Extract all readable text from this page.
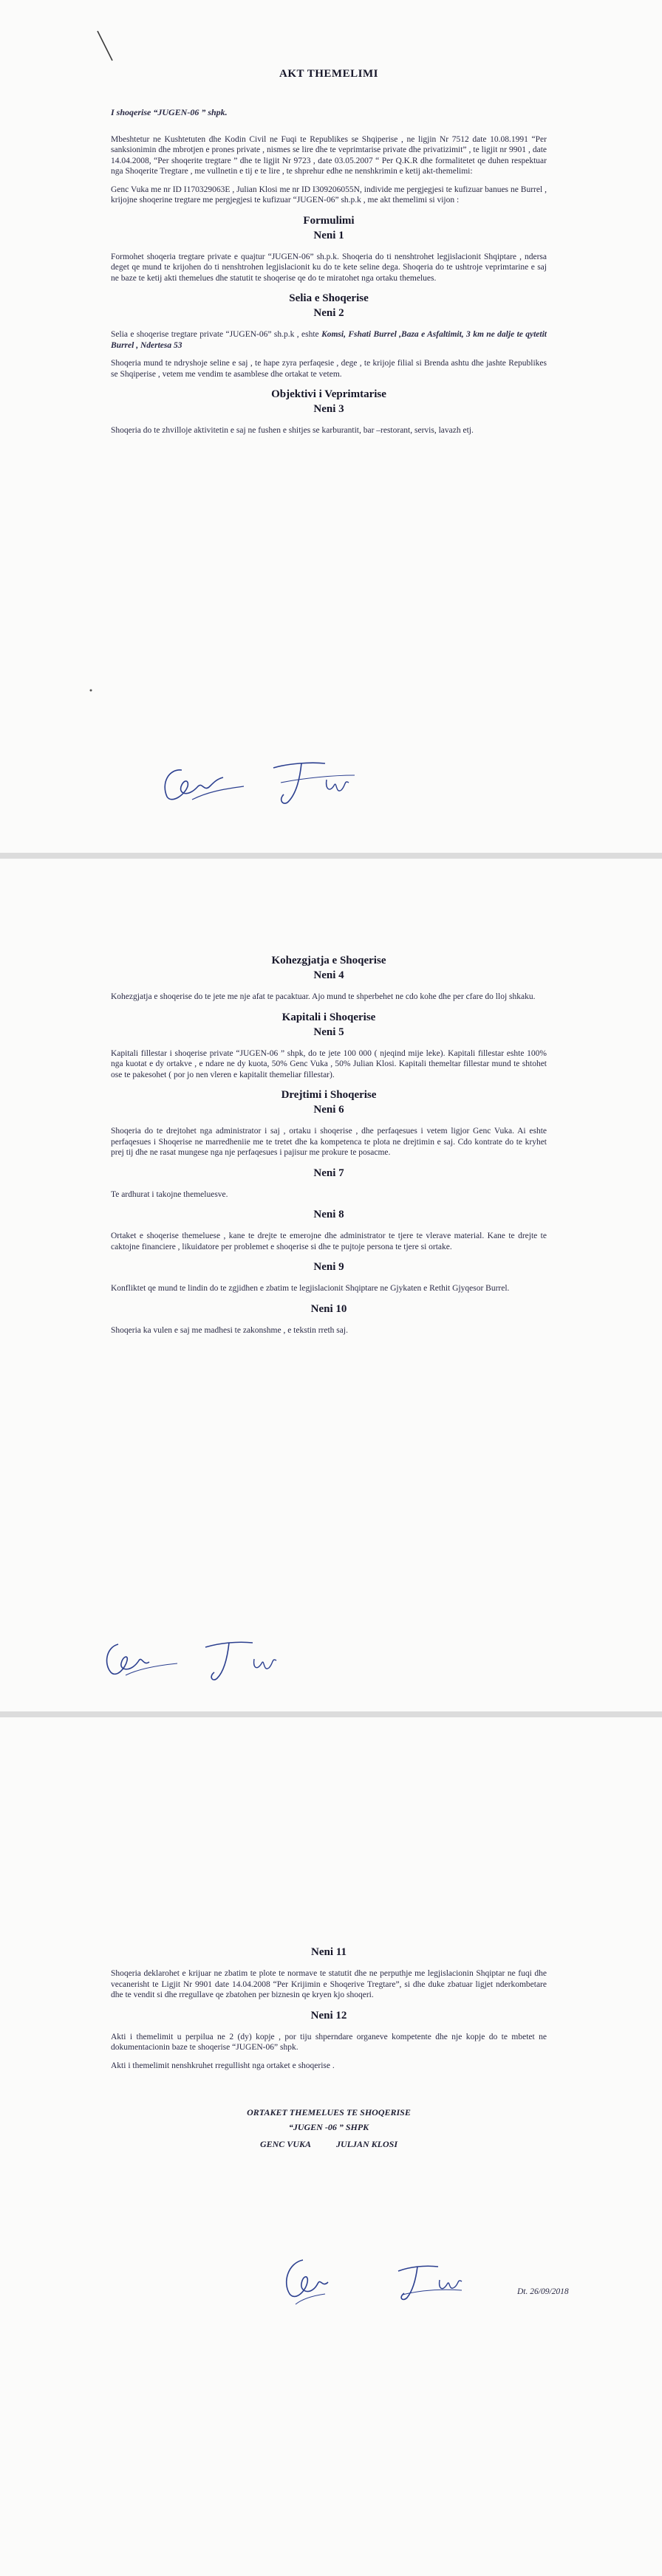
AKT THEMELIMI

I shoqerise “JUGEN-06 ” shpk.

Mbeshtetur ne Kushtetuten dhe Kodin Civil ne Fuqi te Republikes se Shqiperise , ne ligjin Nr 7512 date 10.08.1991 “Per sanksionimin dhe mbrotjen e prones private , nismes se lire dhe te veprimtarise private dhe privatizimit” , te ligjit nr 9901 , date 14.04.2008, “Per shoqerite tregtare ” dhe te ligjit Nr 9723 , date 03.05.2007 “ Per Q.K.R dhe formalitetet qe duhen respektuar nga Shoqerite Tregtare , me vullnetin e tij e te lire , te shprehur edhe ne nenshkrimin e ketij akt-themelimi:

Genc Vuka me nr ID I170329063E , Julian Klosi me nr ID I309206055N, individe me pergjegjesi te kufizuar banues ne Burrel , krijojne shoqerine tregtare me pergjegjesi te kufizuar “JUGEN-06” sh.p.k , me akt themelimi si vijon :

Formulimi
Neni 1

Formohet shoqeria tregtare private e quajtur “JUGEN-06” sh.p.k. Shoqeria do ti nenshtrohet legjislacionit Shqiptare , ndersa deget qe mund te krijohen do ti nenshtrohen legjislacionit ku do te kete seline dega. Shoqeria do te ushtroje veprimtarine e saj ne baze te ketij akti themelues dhe statutit te shoqerise qe do te miratohet nga ortaku themelues.

Selia e Shoqerise
Neni 2

Selia e shoqerise tregtare private “JUGEN-06” sh.p.k , eshte Komsi, Fshati Burrel ,Baza e Asfaltimit, 3 km ne dalje te qytetit Burrel , Ndertesa 53

Shoqeria mund te ndryshoje seline e saj , te hape zyra perfaqesie , dege , te krijoje filial si Brenda ashtu dhe jashte Republikes se Shqiperise , vetem me vendim te asamblese dhe ortakat te vetem.

Objektivi i Veprimtarise
Neni 3

Shoqeria do te zhvilloje aktivitetin e saj ne fushen e shitjes se karburantit, bar –restorant, servis, lavazh etj.

Kohezgjatja e Shoqerise
Neni 4

Kohezgjatja e shoqerise do te jete me nje afat te pacaktuar. Ajo mund te shperbehet ne cdo kohe dhe per cfare do lloj shkaku.

Kapitali i Shoqerise
Neni 5

Kapitali fillestar i shoqerise private “JUGEN-06 ” shpk, do te jete 100 000 ( njeqind mije leke). Kapitali fillestar eshte 100% nga kuotat e dy ortakve , e ndare ne dy kuota, 50% Genc Vuka , 50% Julian Klosi. Kapitali themeltar fillestar mund te shtohet ose te pakesohet ( por jo nen vleren e kapitalit themeliar fillestar).

Drejtimi i Shoqerise
Neni 6

Shoqeria do te drejtohet nga administrator i saj , ortaku i shoqerise , dhe perfaqesues i vetem ligjor Genc Vuka. Ai eshte perfaqesues i Shoqerise ne marredheniie me te tretet dhe ka kompetenca te plota ne drejtimin e saj. Cdo kontrate do te kryhet prej tij dhe ne rasat mungese nga nje perfaqesues i pajisur me prokure te posacme.

Neni 7

Te ardhurat i takojne themeluesve.

Neni 8

Ortaket e shoqerise themeluese , kane te drejte te emerojne dhe administrator te tjere te vlerave material. Kane te drejte te caktojne financiere , likuidatore per problemet e shoqerise si dhe te pujtoje persona te tjere si ortake.

Neni 9

Konfliktet qe mund te lindin do te zgjidhen e zbatim te legjislacionit Shqiptare ne Gjykaten e Rethit Gjyqesor Burrel.

Neni 10

Shoqeria ka vulen e saj me madhesi te zakonshme , e tekstin rreth saj.

Neni 11

Shoqeria deklarohet e krijuar ne zbatim te plote te normave te statutit dhe ne perputhje me legjislacionin Shqiptar ne fuqi dhe vecanerisht te Ligjit Nr 9901 date 14.04.2008 “Per Krijimin e Shoqerive Tregtare”, si dhe duke zbatuar ligjet nderkombetare dhe te vendit si dhe rregullave qe zbatohen per biznesin qe kryen kjo shoqeri.

Neni 12

Akti i themelimit u perpilua ne 2 (dy) kopje , por tiju shperndare organeve kompetente dhe nje kopje do te mbetet ne dokumentacionin baze te shoqerise “JUGEN-06” shpk.

Akti i themelimit nenshkruhet rregullisht nga ortaket e shoqerise .

ORTAKET THEMELUES TE SHOQERISE
“JUGEN -06 ” SHPK
GENC VUKA	JULJAN KLOSI
Dt. 26/09/2018
